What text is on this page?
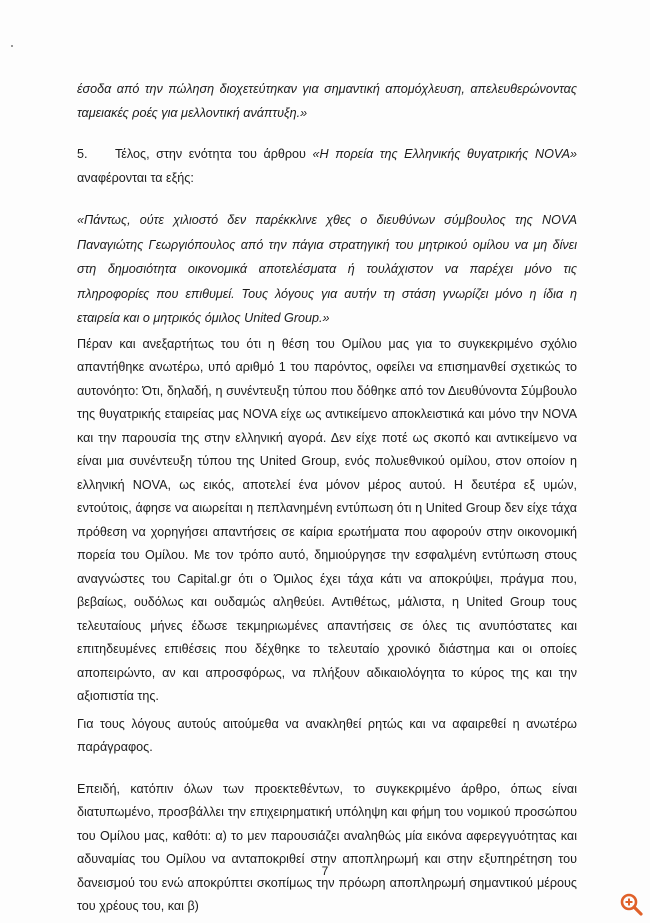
έσοδα από την πώληση διοχετεύτηκαν για σημαντική απομόχλευση, απελευθερώνοντας ταμειακές ροές για μελλοντική ανάπτυξη.»

5. Τέλος, στην ενότητα του άρθρου «Η πορεία της Ελληνικής θυγατρικής NOVA» αναφέρονται τα εξής:

«Πάντως, ούτε χιλιοστό δεν παρέκκλινε χθες ο διευθύνων σύμβουλος της NOVA Παναγιώτης Γεωργιόπουλος από την πάγια στρατηγική του μητρικού ομίλου να μη δίνει στη δημοσιότητα οικονομικά αποτελέσματα ή τουλάχιστον να παρέχει μόνο τις πληροφορίες που επιθυμεί. Τους λόγους για αυτήν τη στάση γνωρίζει μόνο η ίδια η εταιρεία και ο μητρικός όμιλος United Group.»

Πέραν και ανεξαρτήτως του ότι η θέση του Ομίλου μας για το συγκεκριμένο σχόλιο απαντήθηκε ανωτέρω, υπό αριθμό 1 του παρόντος, οφείλει να επισημανθεί σχετικώς το αυτονόητο: Ότι, δηλαδή, η συνέντευξη τύπου που δόθηκε από τον Διευθύνοντα Σύμβουλο της θυγατρικής εταιρείας μας NOVA είχε ως αντικείμενο αποκλειστικά και μόνο την NOVA και την παρουσία της στην ελληνική αγορά. Δεν είχε ποτέ ως σκοπό και αντικείμενο να είναι μια συνέντευξη τύπου της United Group, ενός πολυεθνικού ομίλου, στον οποίον η ελληνική NOVA, ως εικός, αποτελεί ένα μόνον μέρος αυτού. Η δευτέρα εξ υμών, εντούτοις, άφησε να αιωρείται η πεπλανημένη εντύπωση ότι η United Group δεν είχε τάχα πρόθεση να χορηγήσει απαντήσεις σε καίρια ερωτήματα που αφορούν στην οικονομική πορεία του Ομίλου. Με τον τρόπο αυτό, δημιούργησε την εσφαλμένη εντύπωση στους αναγνώστες του Capital.gr ότι ο Όμιλος έχει τάχα κάτι να αποκρύψει, πράγμα που, βεβαίως, ουδόλως και ουδαμώς αληθεύει. Αντιθέτως, μάλιστα, η United Group τους τελευταίους μήνες έδωσε τεκμηριωμένες απαντήσεις σε όλες τις ανυπόστατες και επιτηδευμένες επιθέσεις που δέχθηκε το τελευταίο χρονικό διάστημα και οι οποίες αποπειρώντο, αν και απροσφόρως, να πλήξουν αδικαιολόγητα το κύρος της και την αξιοπιστία της.

Για τους λόγους αυτούς αιτούμεθα να ανακληθεί ρητώς και να αφαιρεθεί η ανωτέρω παράγραφος.

Επειδή, κατόπιν όλων των προεκτεθέντων, το συγκεκριμένο άρθρο, όπως είναι διατυπωμένο, προσβάλλει την επιχειρηματική υπόληψη και φήμη του νομικού προσώπου του Ομίλου μας, καθότι: α) το μεν παρουσιάζει αναληθώς μία εικόνα αφερεγγυότητας και αδυναμίας του Ομίλου να ανταποκριθεί στην αποπληρωμή και στην εξυπηρέτηση του δανεισμού του ενώ αποκρύπτει σκοπίμως την πρόωρη αποπληρωμή σημαντικού μέρους του χρέους του, και β)

7
